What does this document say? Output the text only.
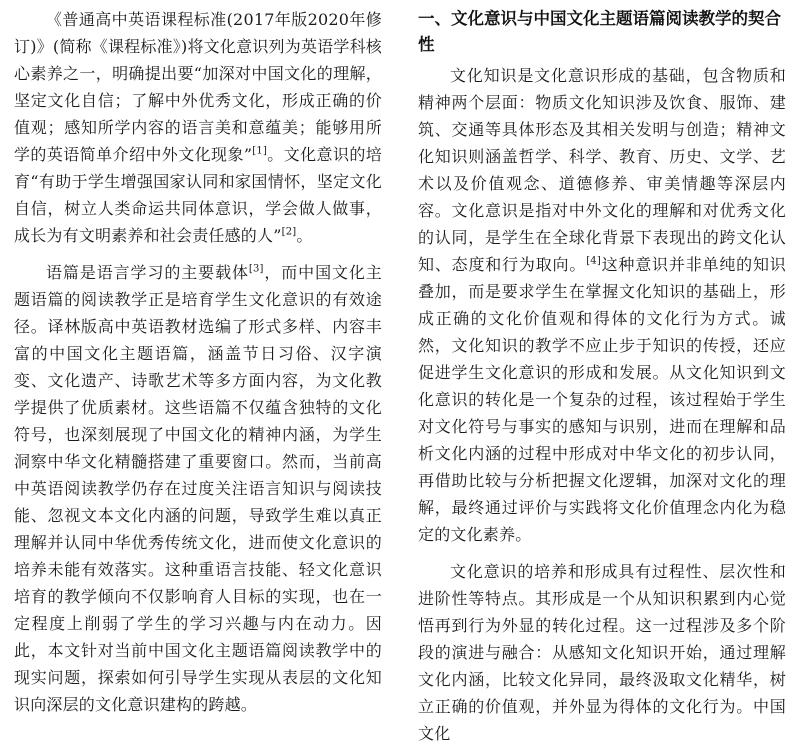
《普通高中英语课程标准(2017年版2020年修订)》(简称《课程标准》)将文化意识列为英语学科核心素养之一，明确提出要“加深对中国文化的理解，坚定文化自信；了解中外优秀文化，形成正确的价值观；感知所学内容的语言美和意蕴美；能够用所学的英语简单介绍中外文化现象”[1]。文化意识的培育“有助于学生增强国家认同和家国情怀，坚定文化自信，树立人类命运共同体意识，学会做人做事，成长为有文明素养和社会责任感的人”[2]。

语篇是语言学习的主要载体[3]，而中国文化主题语篇的阅读教学正是培育学生文化意识的有效途径。译林版高中英语教材选编了形式多样、内容丰富的中国文化主题语篇，涵盖节日习俗、汉字演变、文化遗产、诗歌艺术等多方面内容，为文化教学提供了优质素材。这些语篇不仅蕴含独特的文化符号，也深刻展现了中国文化的精神内涵，为学生洞察中华文化精髓搭建了重要窗口。然而，当前高中英语阅读教学仍存在过度关注语言知识与阅读技能、忽视文本文化内涵的问题，导致学生难以真正理解并认同中华优秀传统文化，进而使文化意识的培养未能有效落实。这种重语言技能、轻文化意识培育的教学倾向不仅影响育人目标的实现，也在一定程度上削弱了学生的学习兴趣与内在动力。因此，本文针对当前中国文化主题语篇阅读教学中的现实问题，探索如何引导学生实现从表层的文化知识向深层的文化意识建构的跨越。

一、文化意识与中国文化主题语篇阅读教学的契合性

文化知识是文化意识形成的基础，包含物质和精神两个层面：物质文化知识涉及饮食、服饰、建筑、交通等具体形态及其相关发明与创造；精神文化知识则涵盖哲学、科学、教育、历史、文学、艺术以及价值观念、道德修养、审美情趣等深层内容。文化意识是指对中外文化的理解和对优秀文化的认同，是学生在全球化背景下表现出的跨文化认知、态度和行为取向。[4]这种意识并非单纯的知识叠加，而是要求学生在掌握文化知识的基础上，形成正确的文化价值观和得体的文化行为方式。诚然，文化知识的教学不应止步于知识的传授，还应促进学生文化意识的形成和发展。从文化知识到文化意识的转化是一个复杂的过程，该过程始于学生对文化符号与事实的感知与识别，进而在理解和品析文化内涵的过程中形成对中华文化的初步认同，再借助比较与分析把握文化逻辑，加深对文化的理解，最终通过评价与实践将文化价值理念内化为稳定的文化素养。

文化意识的培养和形成具有过程性、层次性和进阶性等特点。其形成是一个从知识积累到内心觉悟再到行为外显的转化过程。这一过程涉及多个阶段的演进与融合：从感知文化知识开始，通过理解文化内涵，比较文化异同，最终汲取文化精华，树立正确的价值观，并外显为得体的文化行为。中国文化
